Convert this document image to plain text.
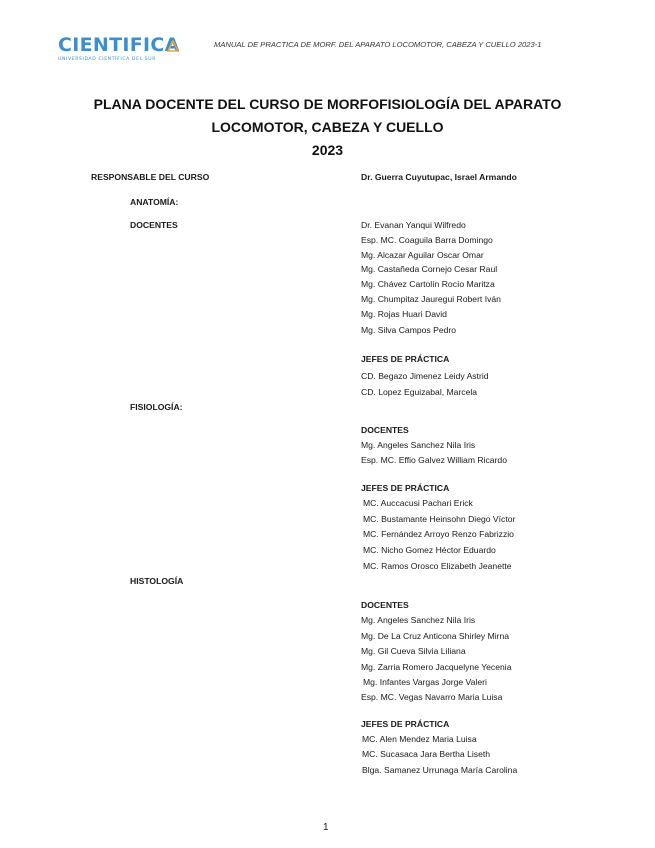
CIENTIFICA
UNIVERSIDAD CIENTÍFICA DEL SUR
MANUAL DE PRACTICA DE MORF. DEL APARATO LOCOMOTOR, CABEZA Y CUELLO 2023-1
PLANA DOCENTE DEL CURSO DE MORFOFISIOLOGÍA DEL APARATO
LOCOMOTOR, CABEZA Y CUELLO
2023
RESPONSABLE DEL CURSO	Dr. Guerra Cuyutupac, Israel Armando
ANATOMÍA:
DOCENTES	Dr. Evanan Yanqui Wilfredo
Esp. MC. Coaguila Barra Domingo
Mg. Alcazar Aguilar Oscar Omar
Mg. Castañeda Cornejo Cesar Raul
Mg. Chávez Cartolín Rocío Maritza
Mg. Chumpitaz Jauregui Robert Iván
Mg. Rojas Huari David
Mg. Silva Campos Pedro
JEFES DE PRÁCTICA
CD. Begazo Jimenez Leidy Astrid
CD. Lopez Eguizabal, Marcela
FISIOLOGÍA:
DOCENTES
Mg. Angeles Sanchez Nila Iris
Esp. MC. Effio Galvez William Ricardo
JEFES DE PRÁCTICA
MC. Auccacusi Pachari Erick
MC. Bustamante Heinsohn Diego Víctor
MC. Fernández Arroyo Renzo Fabrizzio
MC. Nicho Gomez Héctor Eduardo
MC. Ramos Orosco Elizabeth Jeanette
HISTOLOGÍA
DOCENTES
Mg. Angeles Sanchez Nila Iris
Mg. De La Cruz Anticona Shirley Mirna
Mg. Gil Cueva Silvia Liliana
Mg. Zarria Romero Jacquelyne Yecenia
Mg. Infantes Vargas Jorge Valeri
Esp. MC. Vegas Navarro Maria Luisa
JEFES DE PRÁCTICA
MC. Alen Mendez Maria Luisa
MC. Sucasaca Jara Bertha Liseth
Blga. Samanez Urrunaga María Carolina
1
